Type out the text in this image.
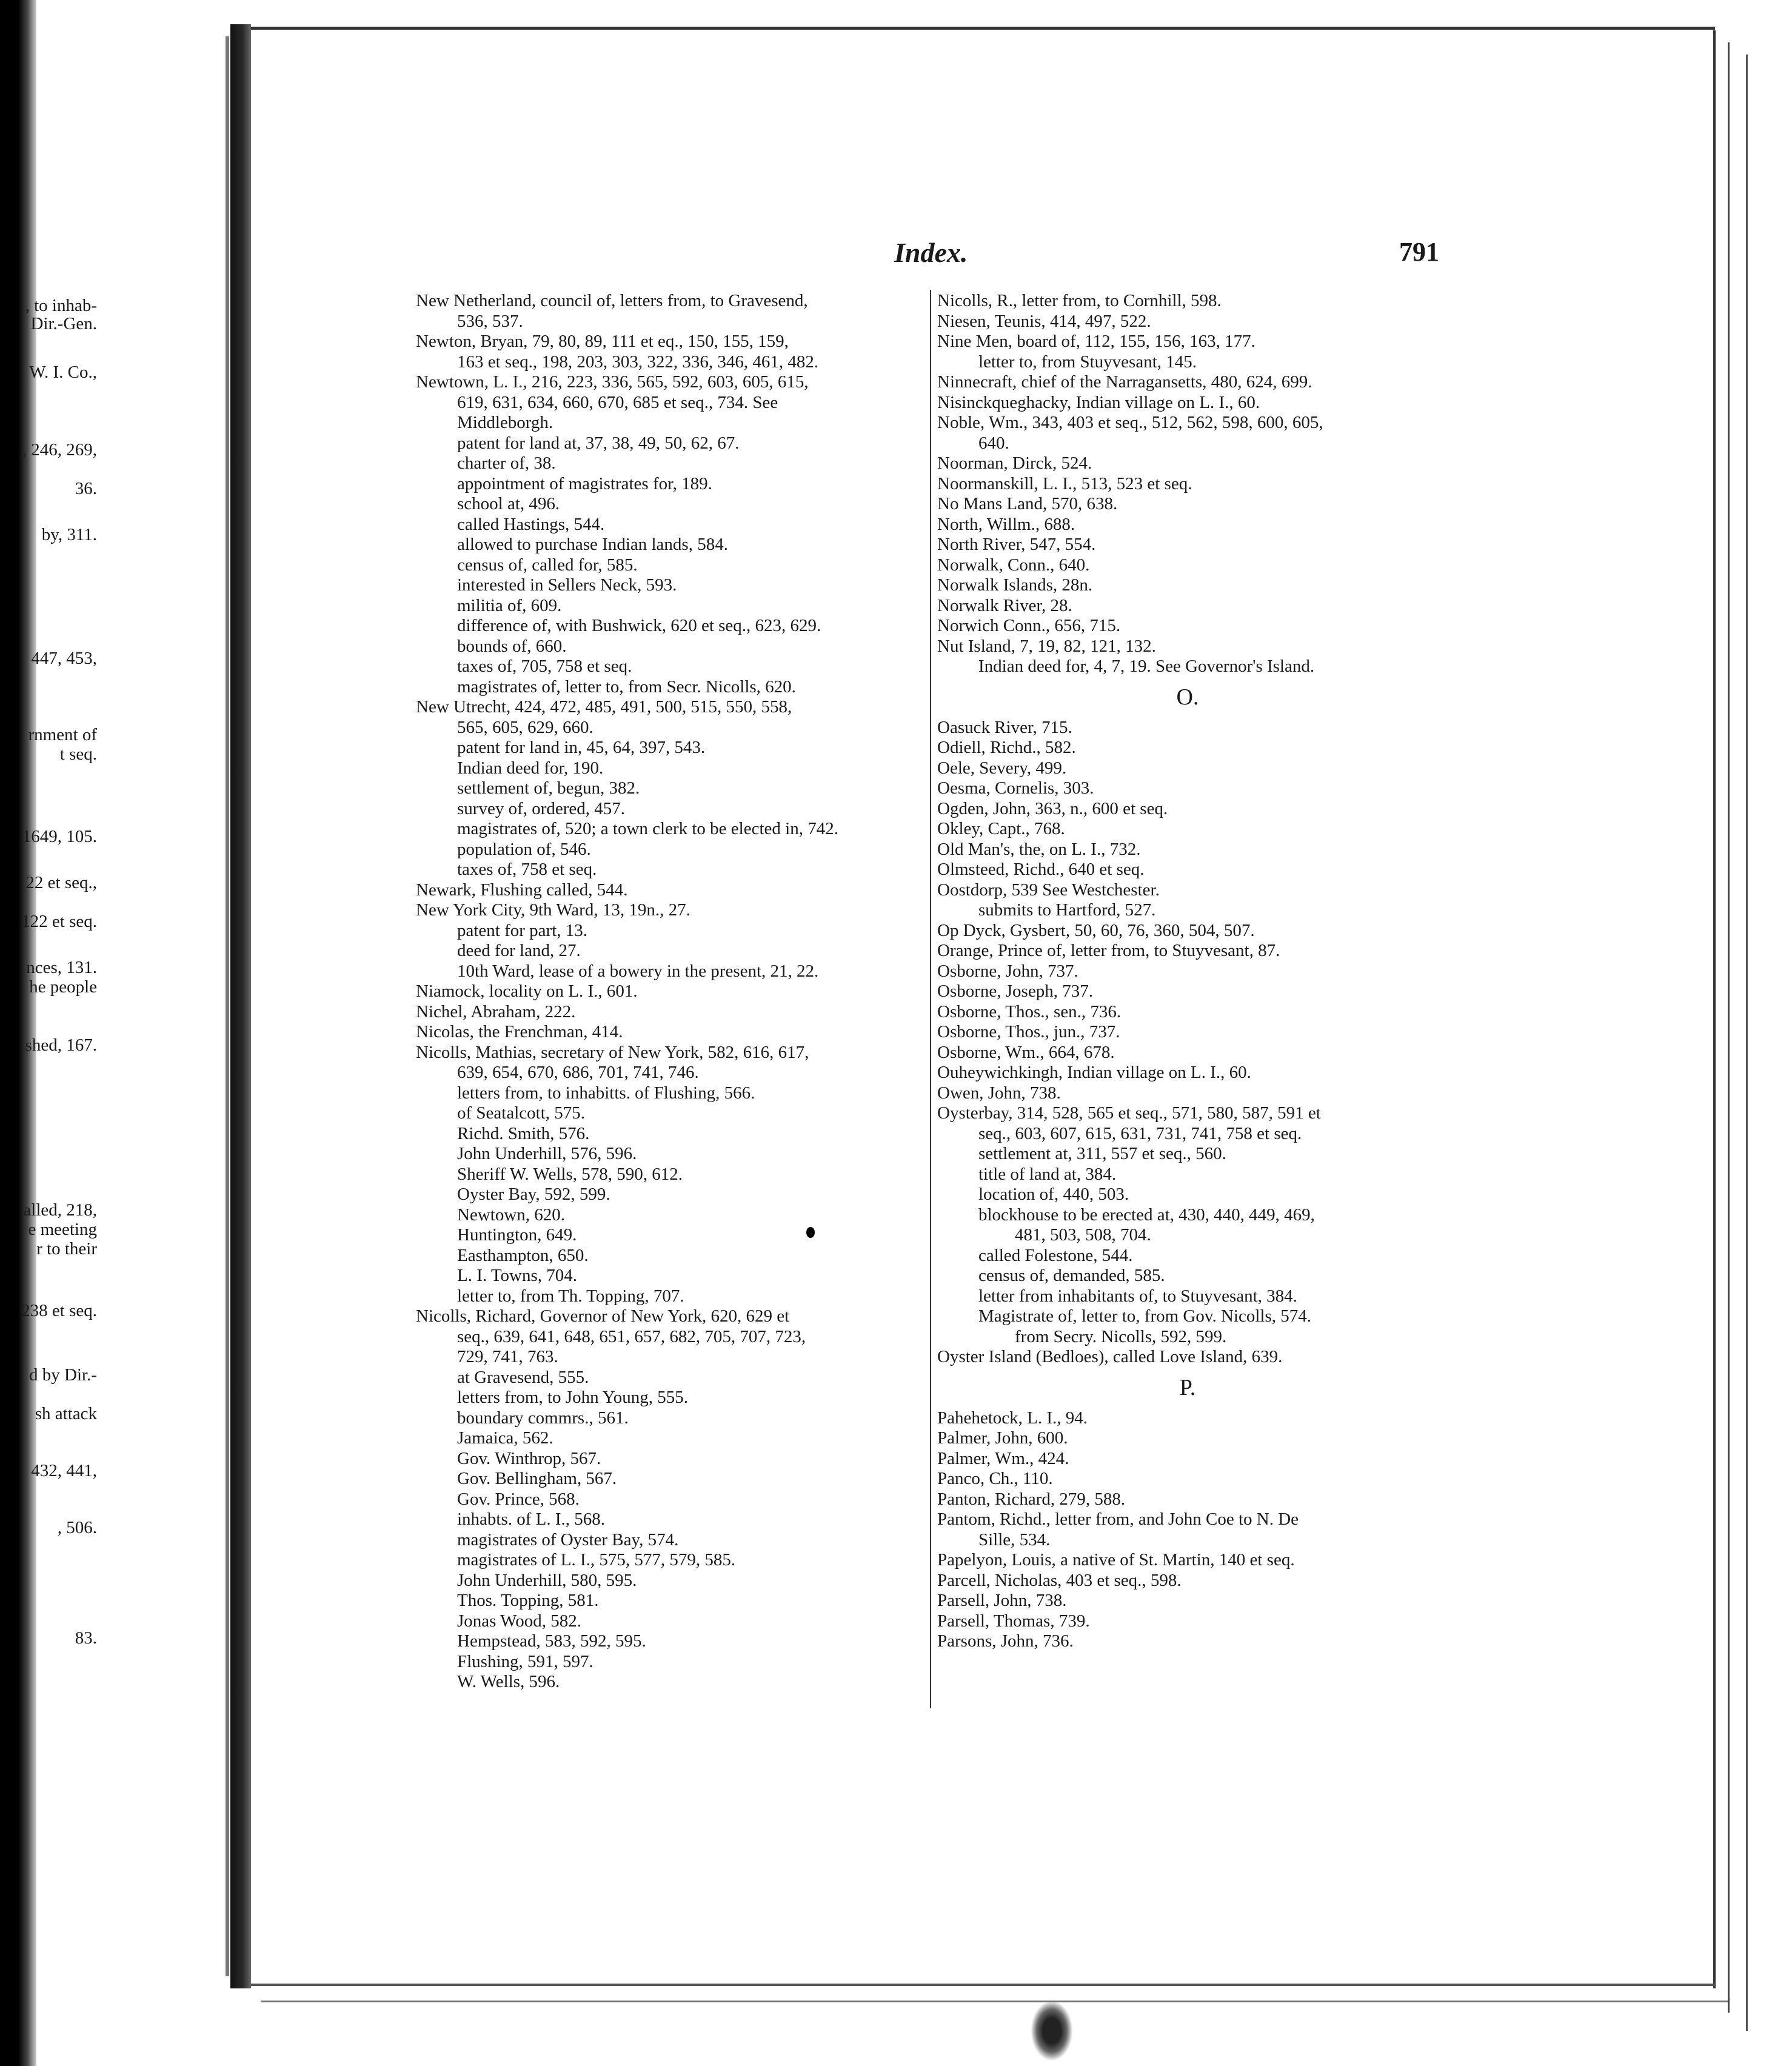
, to inhab-
Dir.-Gen.
W. I. Co.,
, 246, 269,
36.
by, 311.
447, 453,
rnment of
t seq.
1649, 105.
22 et seq.,
122 et seq.
nces, 131.
he people
shed, 167.
alled, 218,
e meeting
r to their
238 et seq.
d by Dir.-
sh attack
432, 441,
, 506.
83.
Index.	791
New Netherland, council of, letters from, to Gravesend,
536, 537.
Newton, Bryan, 79, 80, 89, 111 et eq., 150, 155, 159,
163 et seq., 198, 203, 303, 322, 336, 346, 461, 482.
Newtown, L. I., 216, 223, 336, 565, 592, 603, 605, 615,
619, 631, 634, 660, 670, 685 et seq., 734. See
Middleborgh.
patent for land at, 37, 38, 49, 50, 62, 67.
charter of, 38.
appointment of magistrates for, 189.
school at, 496.
called Hastings, 544.
allowed to purchase Indian lands, 584.
census of, called for, 585.
interested in Sellers Neck, 593.
militia of, 609.
difference of, with Bushwick, 620 et seq., 623, 629.
bounds of, 660.
taxes of, 705, 758 et seq.
magistrates of, letter to, from Secr. Nicolls, 620.
New Utrecht, 424, 472, 485, 491, 500, 515, 550, 558,
565, 605, 629, 660.
patent for land in, 45, 64, 397, 543.
Indian deed for, 190.
settlement of, begun, 382.
survey of, ordered, 457.
magistrates of, 520; a town clerk to be elected in, 742.
population of, 546.
taxes of, 758 et seq.
Newark, Flushing called, 544.
New York City, 9th Ward, 13, 19n., 27.
patent for part, 13.
deed for land, 27.
10th Ward, lease of a bowery in the present, 21, 22.
Niamock, locality on L. I., 601.
Nichel, Abraham, 222.
Nicolas, the Frenchman, 414.
Nicolls, Mathias, secretary of New York, 582, 616, 617,
639, 654, 670, 686, 701, 741, 746.
letters from, to inhabitts. of Flushing, 566.
of Seatalcott, 575.
Richd. Smith, 576.
John Underhill, 576, 596.
Sheriff W. Wells, 578, 590, 612.
Oyster Bay, 592, 599.
Newtown, 620.
Huntington, 649.
Easthampton, 650.
L. I. Towns, 704.
letter to, from Th. Topping, 707.
Nicolls, Richard, Governor of New York, 620, 629 et
seq., 639, 641, 648, 651, 657, 682, 705, 707, 723,
729, 741, 763.
at Gravesend, 555.
letters from, to John Young, 555.
boundary commrs., 561.
Jamaica, 562.
Gov. Winthrop, 567.
Gov. Bellingham, 567.
Gov. Prince, 568.
inhabts. of L. I., 568.
magistrates of Oyster Bay, 574.
magistrates of L. I., 575, 577, 579, 585.
John Underhill, 580, 595.
Thos. Topping, 581.
Jonas Wood, 582.
Hempstead, 583, 592, 595.
Flushing, 591, 597.
W. Wells, 596.
Nicolls, R., letter from, to Cornhill, 598.
Niesen, Teunis, 414, 497, 522.
Nine Men, board of, 112, 155, 156, 163, 177.
letter to, from Stuyvesant, 145.
Ninnecraft, chief of the Narragansetts, 480, 624, 699.
Nisinckqueghacky, Indian village on L. I., 60.
Noble, Wm., 343, 403 et seq., 512, 562, 598, 600, 605,
640.
Noorman, Dirck, 524.
Noormanskill, L. I., 513, 523 et seq.
No Mans Land, 570, 638.
North, Willm., 688.
North River, 547, 554.
Norwalk, Conn., 640.
Norwalk Islands, 28n.
Norwalk River, 28.
Norwich Conn., 656, 715.
Nut Island, 7, 19, 82, 121, 132.
Indian deed for, 4, 7, 19. See Governor's Island.
O.
Oasuck River, 715.
Odiell, Richd., 582.
Oele, Severy, 499.
Oesma, Cornelis, 303.
Ogden, John, 363, n., 600 et seq.
Okley, Capt., 768.
Old Man's, the, on L. I., 732.
Olmsteed, Richd., 640 et seq.
Oostdorp, 539 See Westchester.
submits to Hartford, 527.
Op Dyck, Gysbert, 50, 60, 76, 360, 504, 507.
Orange, Prince of, letter from, to Stuyvesant, 87.
Osborne, John, 737.
Osborne, Joseph, 737.
Osborne, Thos., sen., 736.
Osborne, Thos., jun., 737.
Osborne, Wm., 664, 678.
Ouheywichkingh, Indian village on L. I., 60.
Owen, John, 738.
Oysterbay, 314, 528, 565 et seq., 571, 580, 587, 591 et
seq., 603, 607, 615, 631, 731, 741, 758 et seq.
settlement at, 311, 557 et seq., 560.
title of land at, 384.
location of, 440, 503.
blockhouse to be erected at, 430, 440, 449, 469,
481, 503, 508, 704.
called Folestone, 544.
census of, demanded, 585.
letter from inhabitants of, to Stuyvesant, 384.
Magistrate of, letter to, from Gov. Nicolls, 574.
from Secry. Nicolls, 592, 599.
Oyster Island (Bedloes), called Love Island, 639.
P.
Pahehetock, L. I., 94.
Palmer, John, 600.
Palmer, Wm., 424.
Panco, Ch., 110.
Panton, Richard, 279, 588.
Pantom, Richd., letter from, and John Coe to N. De
Sille, 534.
Papelyon, Louis, a native of St. Martin, 140 et seq.
Parcell, Nicholas, 403 et seq., 598.
Parsell, John, 738.
Parsell, Thomas, 739.
Parsons, John, 736.
